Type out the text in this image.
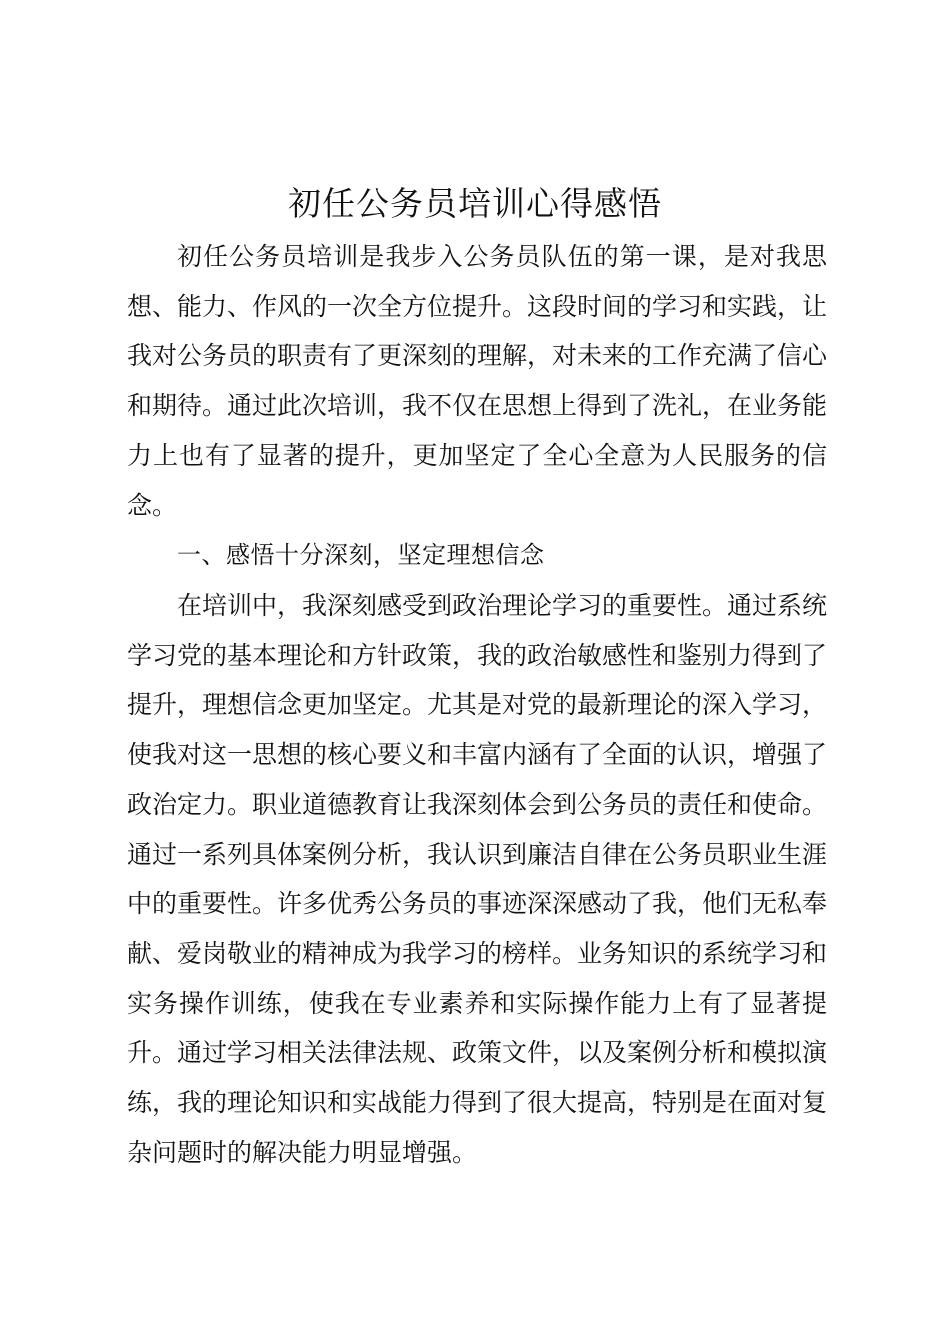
初任公务员培训心得感悟

初任公务员培训是我步入公务员队伍的第一课，是对我思想、能力、作风的一次全方位提升。这段时间的学习和实践，让我对公务员的职责有了更深刻的理解，对未来的工作充满了信心和期待。通过此次培训，我不仅在思想上得到了洗礼，在业务能力上也有了显著的提升，更加坚定了全心全意为人民服务的信念。

一、感悟十分深刻，坚定理想信念

在培训中，我深刻感受到政治理论学习的重要性。通过系统学习党的基本理论和方针政策，我的政治敏感性和鉴别力得到了提升，理想信念更加坚定。尤其是对党的最新理论的深入学习，使我对这一思想的核心要义和丰富内涵有了全面的认识，增强了政治定力。职业道德教育让我深刻体会到公务员的责任和使命。通过一系列具体案例分析，我认识到廉洁自律在公务员职业生涯中的重要性。许多优秀公务员的事迹深深感动了我，他们无私奉献、爱岗敬业的精神成为我学习的榜样。业务知识的系统学习和实务操作训练，使我在专业素养和实际操作能力上有了显著提升。通过学习相关法律法规、政策文件，以及案例分析和模拟演练，我的理论知识和实战能力得到了很大提高，特别是在面对复杂问题时的解决能力明显增强。
